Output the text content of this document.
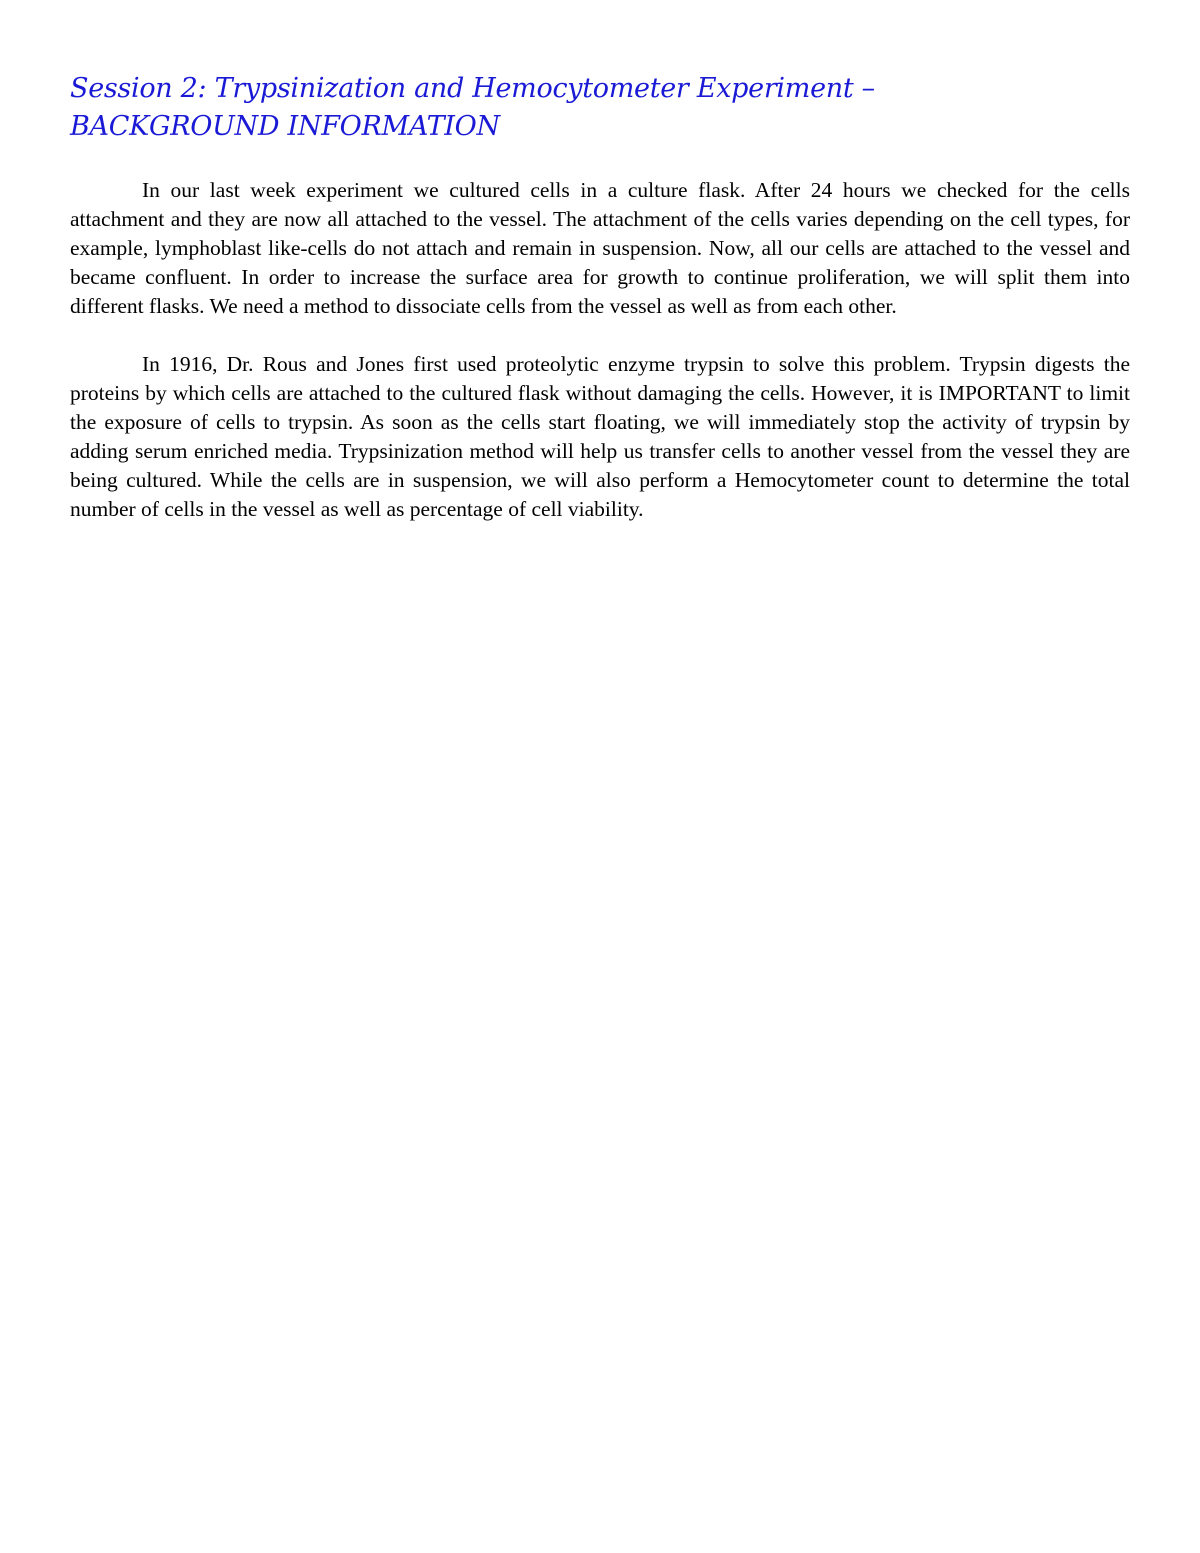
Session 2: Trypsinization and Hemocytometer Experiment –
BACKGROUND INFORMATION

In our last week experiment we cultured cells in a culture flask. After 24 hours we checked for the cells attachment and they are now all attached to the vessel. The attachment of the cells varies depending on the cell types, for example, lymphoblast like-cells do not attach and remain in suspension. Now, all our cells are attached to the vessel and became confluent. In order to increase the surface area for growth to continue proliferation, we will split them into different flasks. We need a method to dissociate cells from the vessel as well as from each other.

In 1916, Dr. Rous and Jones first used proteolytic enzyme trypsin to solve this problem. Trypsin digests the proteins by which cells are attached to the cultured flask without damaging the cells. However, it is IMPORTANT to limit the exposure of cells to trypsin. As soon as the cells start floating, we will immediately stop the activity of trypsin by adding serum enriched media. Trypsinization method will help us transfer cells to another vessel from the vessel they are being cultured. While the cells are in suspension, we will also perform a Hemocytometer count to determine the total number of cells in the vessel as well as percentage of cell viability.
